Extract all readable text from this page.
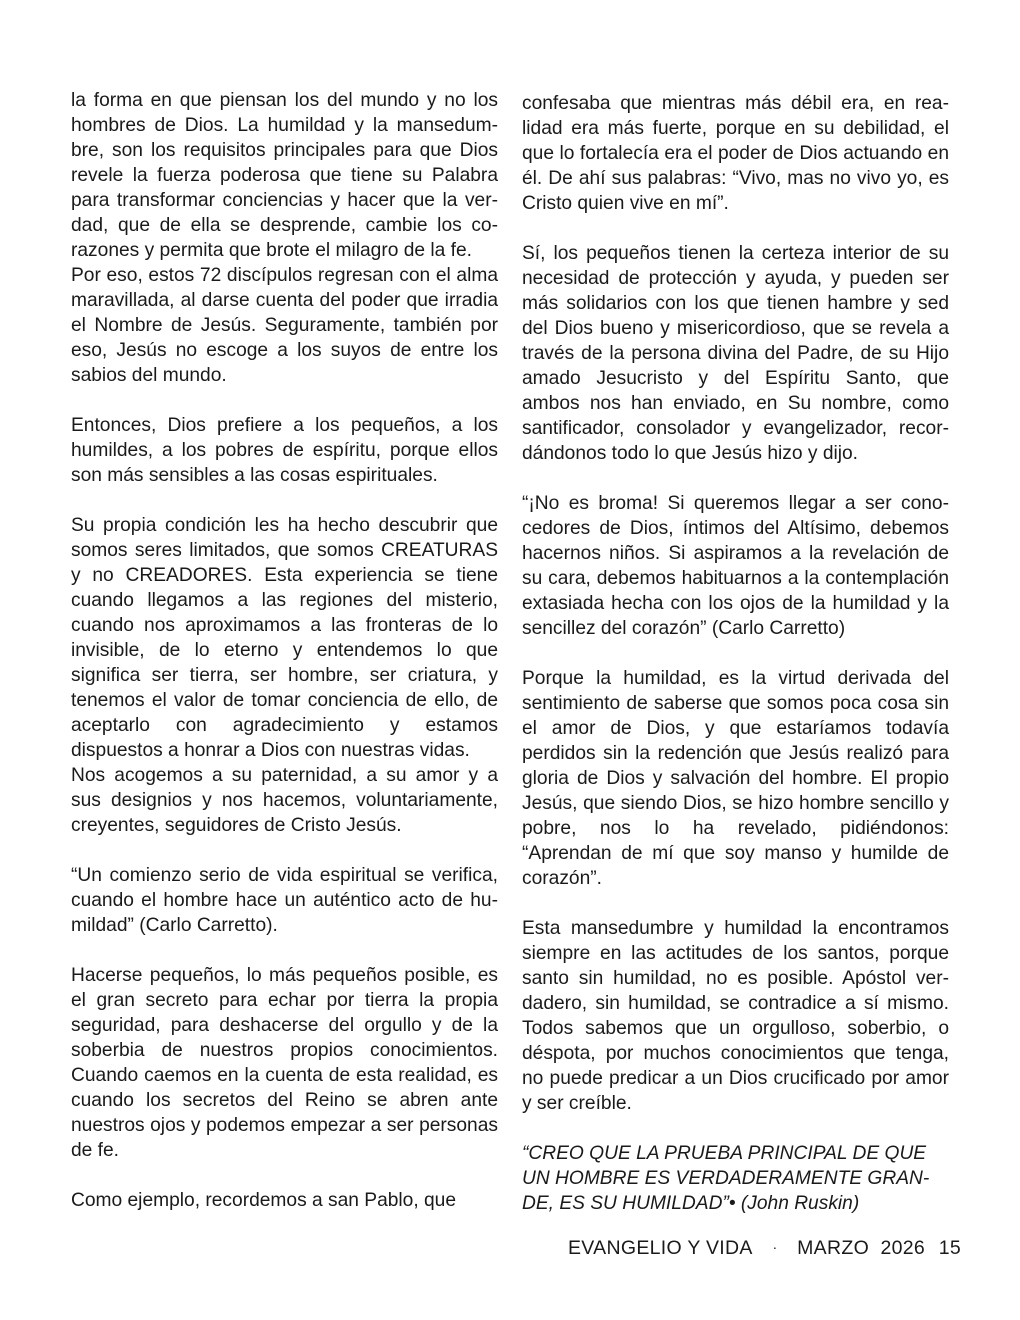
la forma en que piensan los del mundo y no los hombres de Dios. La humildad y la mansedumbre, son los requisitos principales para que Dios revele la fuerza poderosa que tiene su Palabra para transformar conciencias y hacer que la verdad, que de ella se desprende, cambie los corazones y permita que brote el milagro de la fe.

Por eso, estos 72 discípulos regresan con el alma maravillada, al darse cuenta del poder que irradia el Nombre de Jesús. Seguramente, también por eso, Jesús no escoge a los suyos de entre los sabios del mundo.

Entonces, Dios prefiere a los pequeños, a los humildes, a los pobres de espíritu, porque ellos son más sensibles a las cosas espirituales.

Su propia condición les ha hecho descubrir que somos seres limitados, que somos CREATURAS y no CREADORES. Esta experiencia se tiene cuando llegamos a las regiones del misterio, cuando nos aproximamos a las fronteras de lo invisible, de lo eterno y entendemos lo que significa ser tierra, ser hombre, ser criatura, y tenemos el valor de tomar conciencia de ello, de aceptarlo con agradecimiento y estamos dispuestos a honrar a Dios con nuestras vidas.

Nos acogemos a su paternidad, a su amor y a sus designios y nos hacemos, voluntariamente, creyentes, seguidores de Cristo Jesús.

“Un comienzo serio de vida espiritual se verifica, cuando el hombre hace un auténtico acto de humildad” (Carlo Carretto).

Hacerse pequeños, lo más pequeños posible, es el gran secreto para echar por tierra la propia seguridad, para deshacerse del orgullo y de la soberbia de nuestros propios conocimientos. Cuando caemos en la cuenta de esta realidad, es cuando los secretos del Reino se abren ante nuestros ojos y podemos empezar a ser personas de fe.

Como ejemplo, recordemos a san Pablo, que

confesaba que mientras más débil era, en realidad era más fuerte, porque en su debilidad, el que lo fortalecía era el poder de Dios actuando en él. De ahí sus palabras: “Vivo, mas no vivo yo, es Cristo quien vive en mí”.

Sí, los pequeños tienen la certeza interior de su necesidad de protección y ayuda, y pueden ser más solidarios con los que tienen hambre y sed del Dios bueno y misericordioso, que se revela a través de la persona divina del Padre, de su Hijo amado Jesucristo y del Espíritu Santo, que ambos nos han enviado, en Su nombre, como santificador, consolador y evangelizador, recordándonos todo lo que Jesús hizo y dijo.

“¡No es broma! Si queremos llegar a ser conocedores de Dios, íntimos del Altísimo, debemos hacernos niños. Si aspiramos a la revelación de su cara, debemos habituarnos a la contemplación extasiada hecha con los ojos de la humildad y la sencillez del corazón” (Carlo Carretto)

Porque la humildad, es la virtud derivada del sentimiento de saberse que somos poca cosa sin el amor de Dios, y que estaríamos todavía perdidos sin la redención que Jesús realizó para gloria de Dios y salvación del hombre. El propio Jesús, que siendo Dios, se hizo hombre sencillo y pobre, nos lo ha revelado, pidiéndonos: “Aprendan de mí que soy manso y humilde de corazón”.

Esta mansedumbre y humildad la encontramos siempre en las actitudes de los santos, porque santo sin humildad, no es posible. Apóstol verdadero, sin humildad, se contradice a sí mismo. Todos sabemos que un orgulloso, soberbio, o déspota, por muchos conocimientos que tenga, no puede predicar a un Dios crucificado por amor y ser creíble.

“CREO QUE LA PRUEBA PRINCIPAL DE QUE UN HOMBRE ES VERDADERAMENTE GRANDE, ES SU HUMILDAD”• (John Ruskin)

EVANGELIO Y VIDA · MARZO  2026 15
